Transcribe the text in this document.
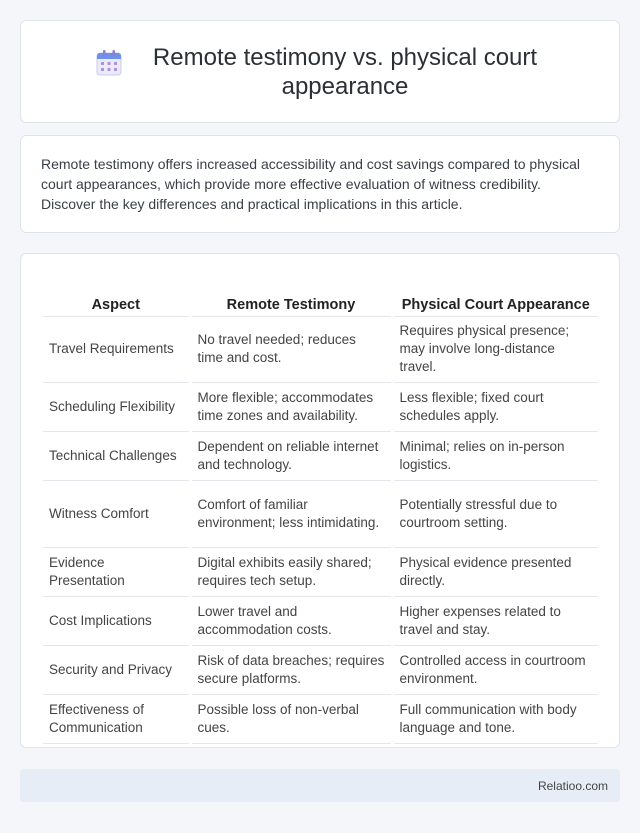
Remote testimony vs. physical court appearance

Remote testimony offers increased accessibility and cost savings compared to physical court appearances, which provide more effective evaluation of witness credibility. Discover the key differences and practical implications in this article.

Aspect	Remote Testimony	Physical Court Appearance
Travel Requirements	No travel needed; reduces time and cost.	Requires physical presence; may involve long-distance travel.
Scheduling Flexibility	More flexible; accommodates time zones and availability.	Less flexible; fixed court schedules apply.
Technical Challenges	Dependent on reliable internet and technology.	Minimal; relies on in-person logistics.
Witness Comfort	Comfort of familiar environment; less intimidating.	Potentially stressful due to courtroom setting.
Evidence Presentation	Digital exhibits easily shared; requires tech setup.	Physical evidence presented directly.
Cost Implications	Lower travel and accommodation costs.	Higher expenses related to travel and stay.
Security and Privacy	Risk of data breaches; requires secure platforms.	Controlled access in courtroom environment.
Effectiveness of Communication	Possible loss of non-verbal cues.	Full communication with body language and tone.
Relatioo.com
